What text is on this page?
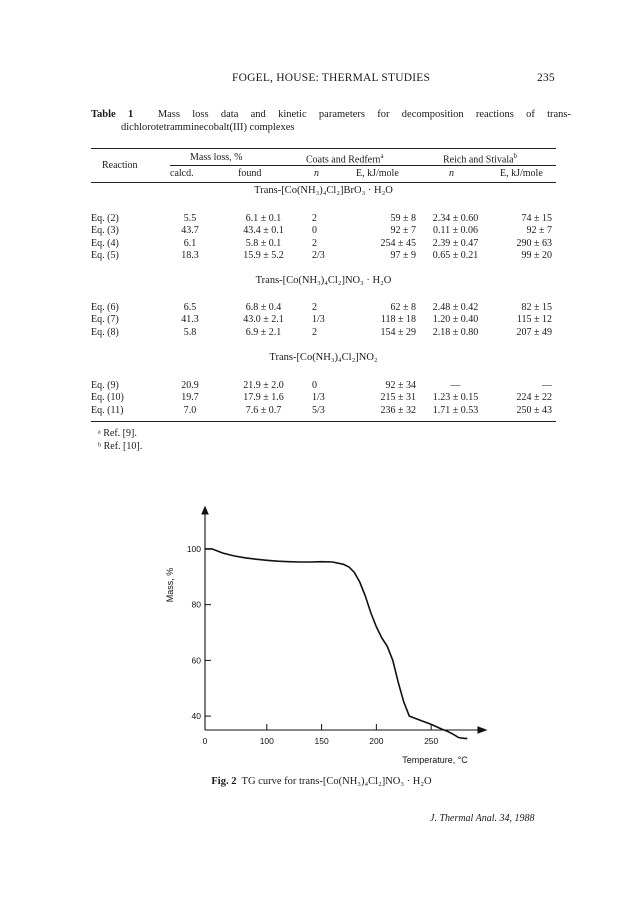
FOGEL, HOUSE: THERMAL STUDIES	235
Table 1 Mass loss data and kinetic parameters for decomposition reactions of trans-
dichlorotetramminecobalt(III) complexes
Reaction
Mass loss, %	Coats and Redfern$^a$	Reich and Stivala$^b$
calcd.	found	n	E, kJ/mole	n	E, kJ/mole
Trans-[Co(NH₃)₄Cl₂]BrO₃ · H₂O
Eq. (2)	5.5	6.1 ± 0.1	2	59 ± 8	2.34 ± 0.60	74 ± 15
Eq. (3)	43.7	43.4 ± 0.1	0	92 ± 7	0.11 ± 0.06	92 ± 7
Eq. (4)	6.1	5.8 ± 0.1	2	254 ± 45	2.39 ± 0.47	290 ± 63
Eq. (5)	18.3	15.9 ± 5.2	2/3	97 ± 9	0.65 ± 0.21	99 ± 20
Trans-[Co(NH₃)₄Cl₂]NO₃ · H₂O
Eq. (6)	6.5	6.8 ± 0.4	2	62 ± 8	2.48 ± 0.42	82 ± 15
Eq. (7)	41.3	43.0 ± 2.1	1/3	118 ± 18	1.20 ± 0.40	115 ± 12
Eq. (8)	5.8	6.9 ± 2.1	2	154 ± 29	2.18 ± 0.80	207 ± 49
Trans-[Co(NH₃)₄Cl₂]NO₂
Eq. (9)	20.9	21.9 ± 2.0	0	92 ± 34	—	—
Eq. (10)	19.7	17.9 ± 1.6	1/3	215 ± 31	1.23 ± 0.15	224 ± 22
Eq. (11)	7.0	7.6 ± 0.7	5/3	236 ± 32	1.71 ± 0.53	250 ± 43
ᵃ Ref. [9].
ᵇ Ref. [10].
100
80
60
40
0	100	150	200	250
Mass, %
Temperature, °C
Fig. 2 TG curve for trans-[Co(NH₃)₄Cl₂]NO₃ · H₂O
J. Thermal Anal. 34, 1988
